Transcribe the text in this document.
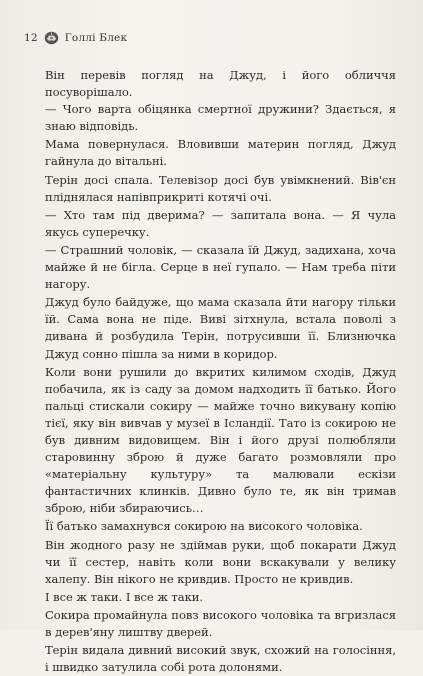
12	Голлі Блек

Він перевів погляд на Джуд, і його обличчя посуворішало.

— Чого варта обіцянка смертної дружини? Здається, я знаю відповідь.

Мама повернулася. Вловивши материн погляд, Джуд гайнула до вітальні.

Терін досі спала. Телевізор досі був увімкнений. Вів'єн пліднялася напівприкриті котячі очі.

— Хто там під дверима? — запитала вона. — Я чула якусь суперечку.

— Страшний чоловік, — сказала їй Джуд, задихана, хоча майже й не бігла. Серце в неї гупало. — Нам треба піти нагору.

Джуд було байдуже, що мама сказала йти нагору тільки їй. Сама вона не піде. Виві зітхнула, встала поволі з дивана й розбудила Терін, потрусивши її. Близнючка Джуд сонно пішла за ними в коридор.

Коли вони рушили до вкритих килимом сходів, Джуд побачила, як із саду за домом надходить її батько. Його пальці стискали сокиру — майже точно викувану копію тієї, яку він вивчав у музеї в Ісландії. Тато із сокирою не був дивним видовищем. Він і його друзі полюбляли старовинну зброю й дуже багато розмовляли про «матеріальну культуру» та малювали ескізи фантастичних клинків. Дивно було те, як він тримав зброю, ніби збираючись…

Її батько замахнувся сокирою на високого чоловіка.

Він жодного разу не здіймав руки, щоб покарати Джуд чи її сестер, навіть коли вони вскакували у велику халепу. Він нікого не кривдив. Просто не кривдив.

І все ж таки. І все ж таки.

Сокира промайнула повз високого чоловіка та вгризлася в дерев'яну лиштву дверей.

Терін видала дивний високий звук, схожий на голосіння, і швидко затулила собі рота долонями.
